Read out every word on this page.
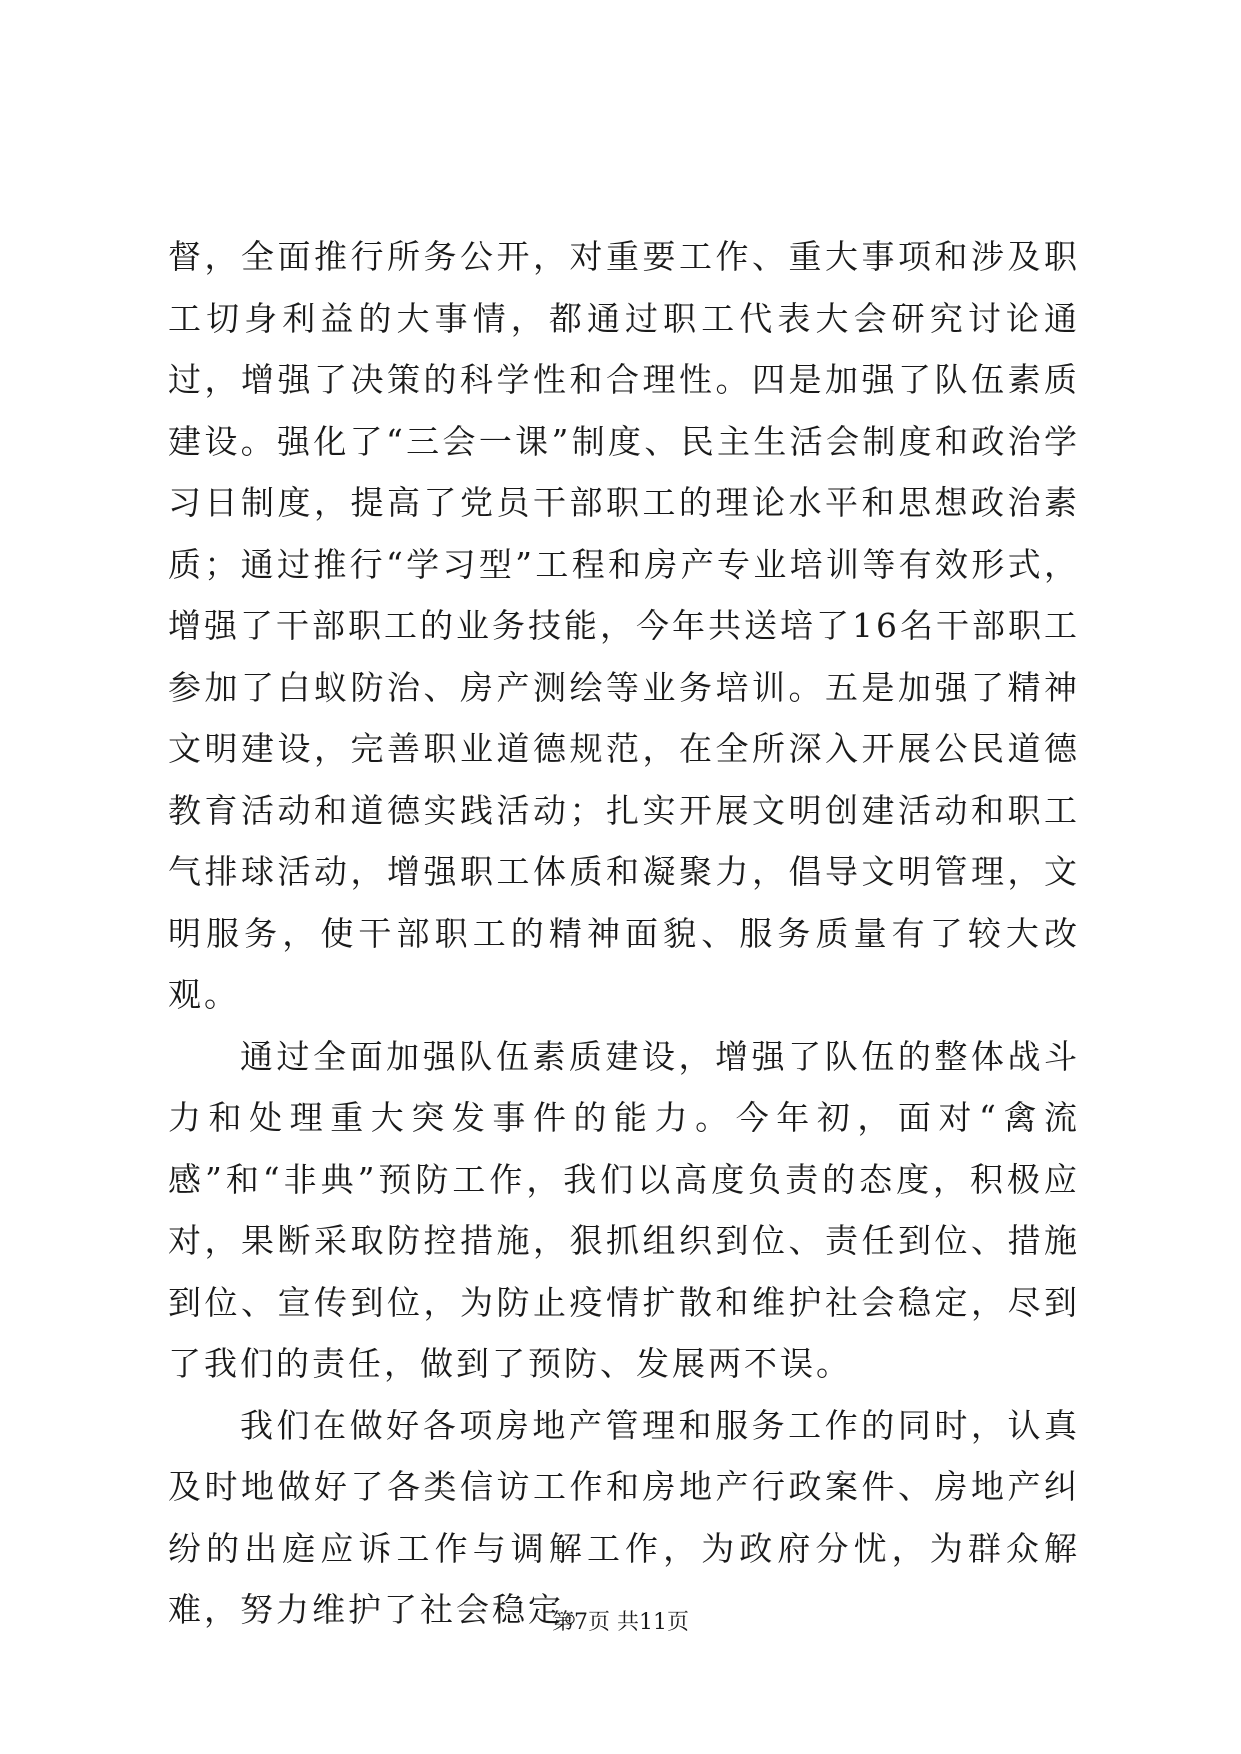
督，全面推行所务公开，对重要工作、重大事项和涉及职工切身利益的大事情，都通过职工代表大会研究讨论通过，增强了决策的科学性和合理性。四是加强了队伍素质建设。强化了“三会一课”制度、民主生活会制度和政治学习日制度，提高了党员干部职工的理论水平和思想政治素质；通过推行“学习型”工程和房产专业培训等有效形式，增强了干部职工的业务技能，今年共送培了16名干部职工参加了白蚁防治、房产测绘等业务培训。五是加强了精神文明建设，完善职业道德规范，在全所深入开展公民道德教育活动和道德实践活动；扎实开展文明创建活动和职工气排球活动，增强职工体质和凝聚力，倡导文明管理，文明服务，使干部职工的精神面貌、服务质量有了较大改观。

通过全面加强队伍素质建设，增强了队伍的整体战斗力和处理重大突发事件的能力。今年初，面对“禽流感”和“非典”预防工作，我们以高度负责的态度，积极应对，果断采取防控措施，狠抓组织到位、责任到位、措施到位、宣传到位，为防止疫情扩散和维护社会稳定，尽到了我们的责任，做到了预防、发展两不误。

我们在做好各项房地产管理和服务工作的同时，认真及时地做好了各类信访工作和房地产行政案件、房地产纠纷的出庭应诉工作与调解工作，为政府分忧，为群众解难，努力维护了社会稳定。

第7页 共11页
